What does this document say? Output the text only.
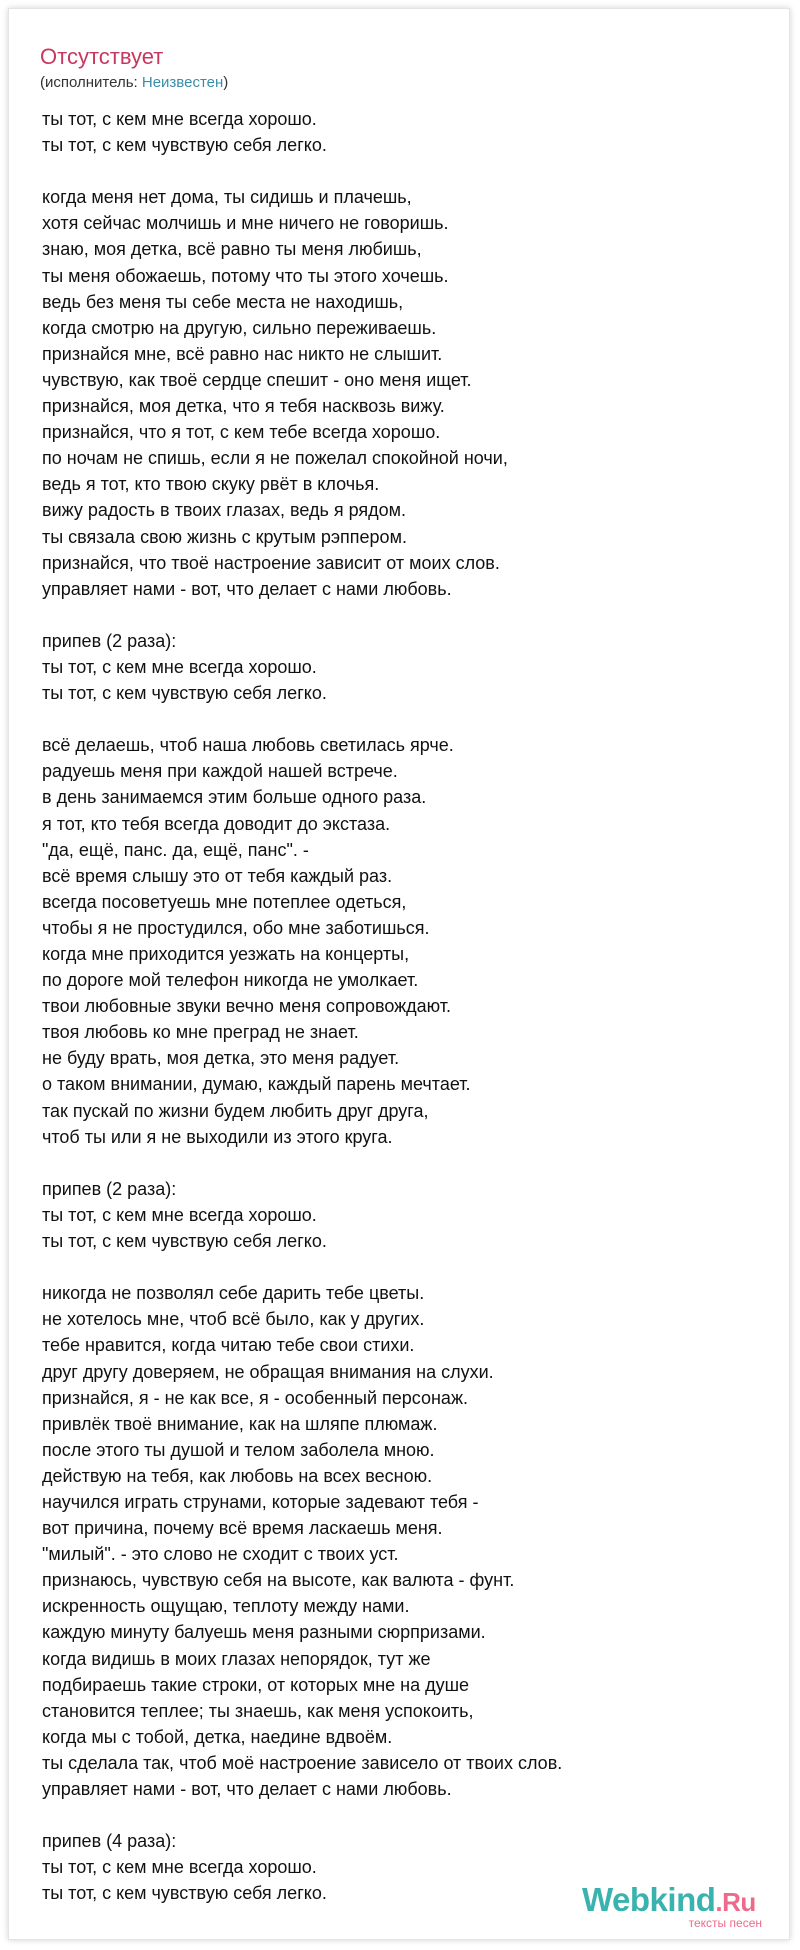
Отсутствует
(исполнитель: Неизвестен)
ты тот, с кем мне всегда хорошо.
ты тот, с кем чувствую себя легко.
когда меня нет дома, ты сидишь и плачешь,
хотя сейчас молчишь и мне ничего не говоришь.
знаю, моя детка, всё равно ты меня любишь,
ты меня обожаешь, потому что ты этого хочешь.
ведь без меня ты себе места не находишь,
когда смотрю на другую, сильно переживаешь.
признайся мне, всё равно нас никто не слышит.
чувствую, как твоё сердце спешит - оно меня ищет.
признайся, моя детка, что я тебя насквозь вижу.
признайся, что я тот, с кем тебе всегда хорошо.
по ночам не спишь, если я не пожелал спокойной ночи,
ведь я тот, кто твою скуку рвёт в клочья.
вижу радость в твоих глазах, ведь я рядом.
ты связала свою жизнь с крутым рэппером.
признайся, что твоё настроение зависит от моих слов.
управляет нами - вот, что делает с нами любовь.
припев (2 раза):
ты тот, с кем мне всегда хорошо.
ты тот, с кем чувствую себя легко.
всё делаешь, чтоб наша любовь светилась ярче.
радуешь меня при каждой нашей встрече.
в день занимаемся этим больше одного раза.
я тот, кто тебя всегда доводит до экстаза.
"да, ещё, панс. да, ещё, панс". -
всё время слышу это от тебя каждый раз.
всегда посоветуешь мне потеплее одеться,
чтобы я не простудился, обо мне заботишься.
когда мне приходится уезжать на концерты,
по дороге мой телефон никогда не умолкает.
твои любовные звуки вечно меня сопровождают.
твоя любовь ко мне преград не знает.
не буду врать, моя детка, это меня радует.
о таком внимании, думаю, каждый парень мечтает.
так пускай по жизни будем любить друг друга,
чтоб ты или я не выходили из этого круга.
припев (2 раза):
ты тот, с кем мне всегда хорошо.
ты тот, с кем чувствую себя легко.
никогда не позволял себе дарить тебе цветы.
не хотелось мне, чтоб всё было, как у других.
тебе нравится, когда читаю тебе свои стихи.
друг другу доверяем, не обращая внимания на слухи.
признайся, я - не как все, я - особенный персонаж.
привлёк твоё внимание, как на шляпе плюмаж.
после этого ты душой и телом заболела мною.
действую на тебя, как любовь на всех весною.
научился играть струнами, которые задевают тебя -
вот причина, почему всё время ласкаешь меня.
"милый". - это слово не сходит с твоих уст.
признаюсь, чувствую себя на высоте, как валюта - фунт.
искренность ощущаю, теплоту между нами.
каждую минуту балуешь меня разными сюрпризами.
когда видишь в моих глазах непорядок, тут же
подбираешь такие строки, от которых мне на душе
становится теплее; ты знаешь, как меня успокоить,
когда мы с тобой, детка, наедине вдвоём.
ты сделала так, чтоб моё настроение зависело от твоих слов.
управляет нами - вот, что делает с нами любовь.
припев (4 раза):
ты тот, с кем мне всегда хорошо.
ты тот, с кем чувствую себя легко.	Webkind.Ru
тексты песен
